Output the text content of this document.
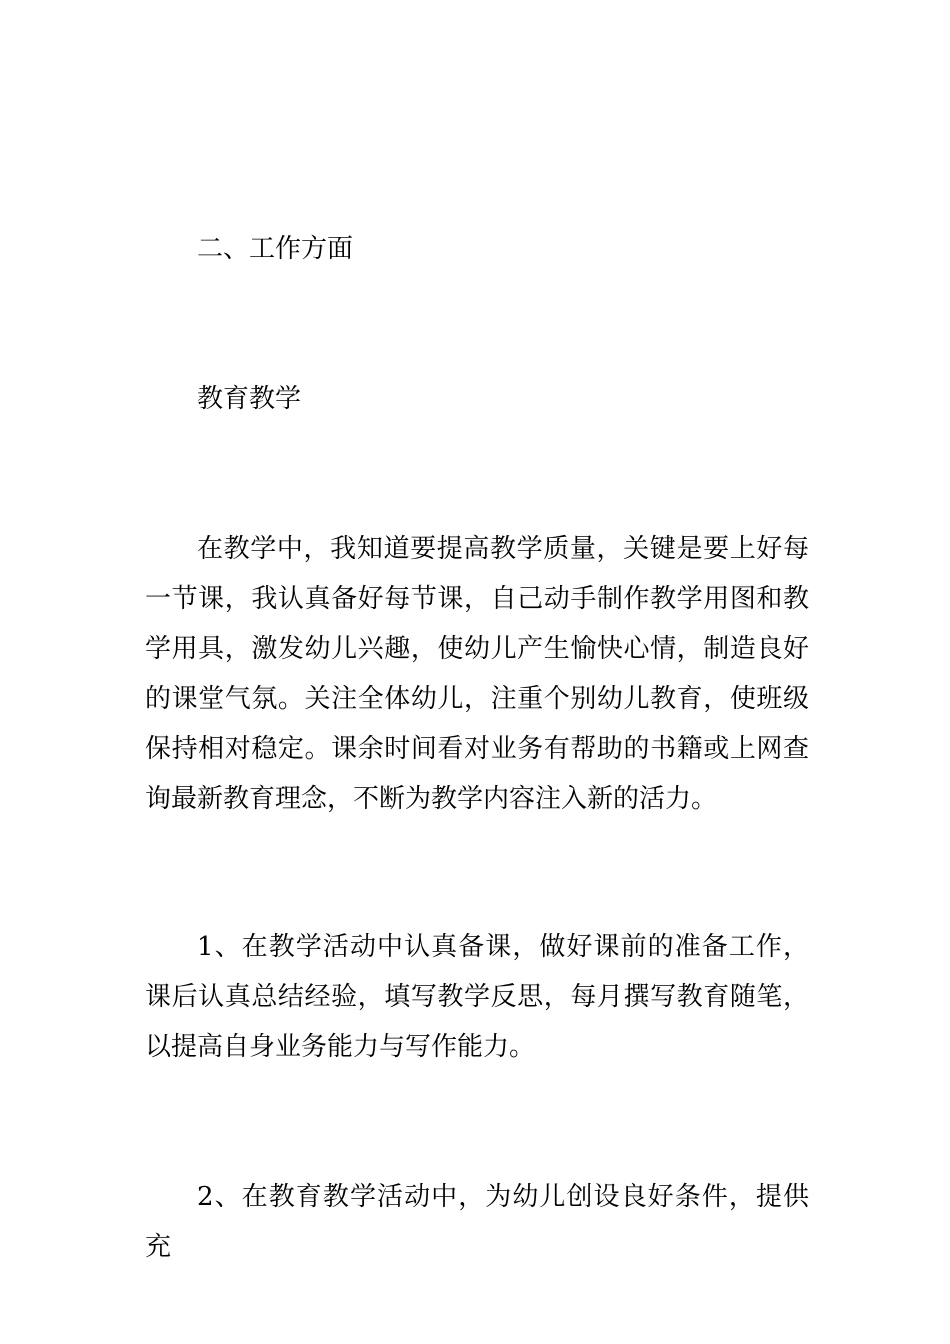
二、工作方面

教育教学

在教学中，我知道要提高教学质量，关键是要上好每一节课，我认真备好每节课，自己动手制作教学用图和教学用具，激发幼儿兴趣，使幼儿产生愉快心情，制造良好的课堂气氛。关注全体幼儿，注重个别幼儿教育，使班级保持相对稳定。课余时间看对业务有帮助的书籍或上网查询最新教育理念，不断为教学内容注入新的活力。

1、在教学活动中认真备课，做好课前的准备工作，课后认真总结经验，填写教学反思，每月撰写教育随笔，以提高自身业务能力与写作能力。

2、在教育教学活动中，为幼儿创设良好条件，提供充
